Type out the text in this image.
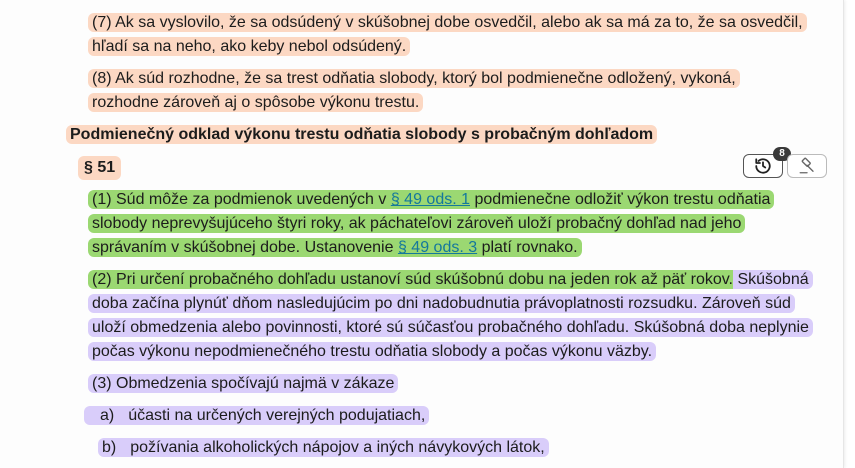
(7) Ak sa vyslovilo, že sa odsúdený v skúšobnej dobe osvedčil, alebo ak sa má za to, že sa osvedčil,
hľadí sa na neho, ako keby nebol odsúdený.
(8) Ak súd rozhodne, že sa trest odňatia slobody, ktorý bol podmienečne odložený, vykoná,
rozhodne zároveň aj o spôsobe výkonu trestu.
Podmienečný odklad výkonu trestu odňatia slobody s probačným dohľadom
§ 51
8
(1) Súd môže za podmienok uvedených v § 49 ods. 1 podmienečne odložiť výkon trestu odňatia
slobody neprevyšujúceho štyri roky, ak páchateľovi zároveň uloží probačný dohľad nad jeho
správaním v skúšobnej dobe. Ustanovenie § 49 ods. 3 platí rovnako.
(2) Pri určení probačného dohľadu ustanoví súd skúšobnú dobu na jeden rok až päť rokov. Skúšobná
doba začína plynúť dňom nasledujúcim po dni nadobudnutia právoplatnosti rozsudku. Zároveň súd
uloží obmedzenia alebo povinnosti, ktoré sú súčasťou probačného dohľadu. Skúšobná doba neplynie
počas výkonu nepodmienečného trestu odňatia slobody a počas výkonu väzby.
(3) Obmedzenia spočívajú najmä v zákaze
a) účasti na určených verejných podujatiach,
b) požívania alkoholických nápojov a iných návykových látok,
